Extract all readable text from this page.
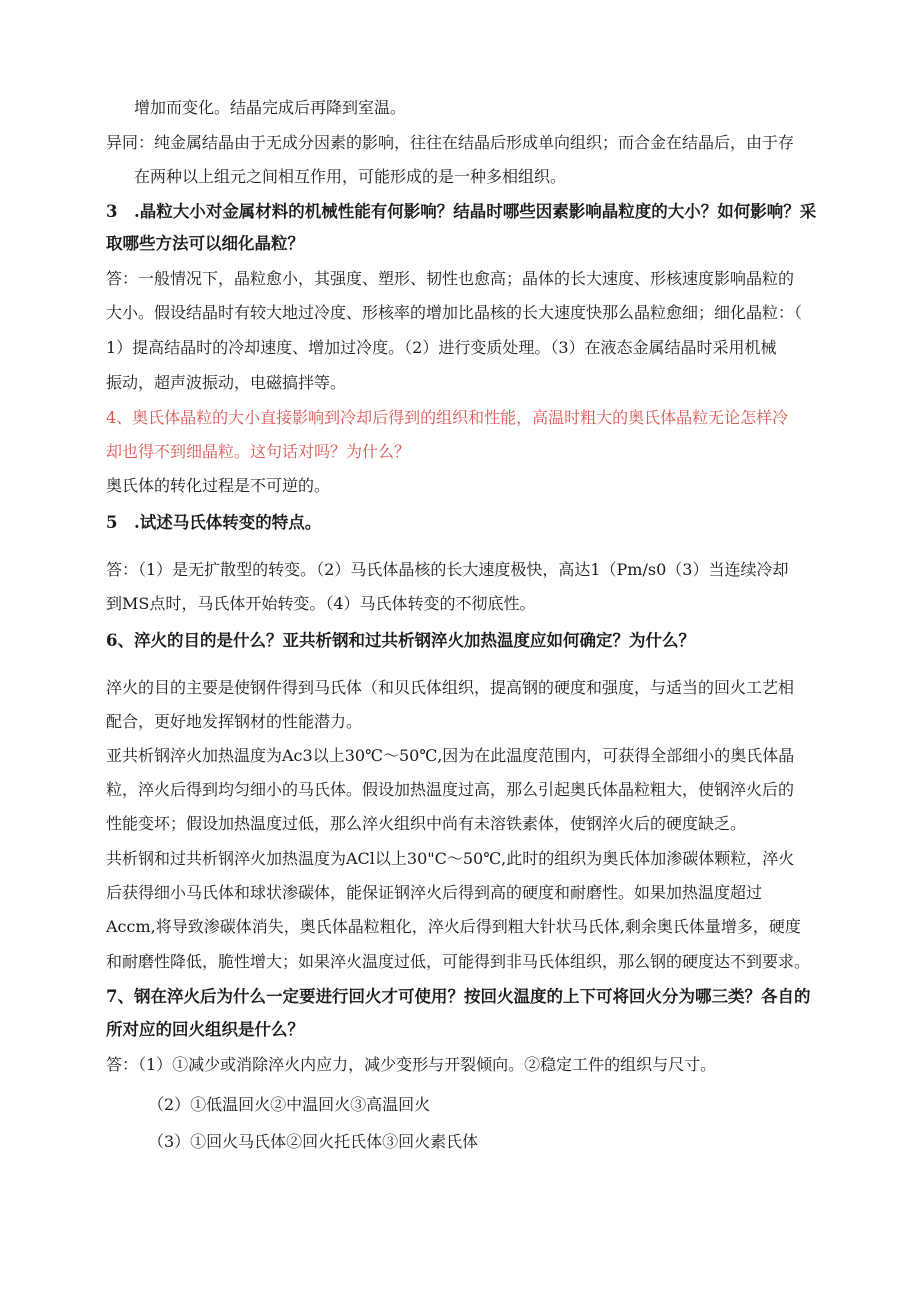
增加而变化。结晶完成后再降到室温。

异同：纯金属结晶由于无成分因素的影响，往往在结晶后形成单向组织；而合金在结晶后，由于存

在两种以上组元之间相互作用，可能形成的是一种多相组织。

3　.晶粒大小对金属材料的机械性能有何影响？结晶时哪些因素影响晶粒度的大小？如何影响？采

取哪些方法可以细化晶粒？

答：一般情况下，晶粒愈小，其强度、塑形、韧性也愈高；晶体的长大速度、形核速度影响晶粒的

大小。假设结晶时有较大地过冷度、形核率的增加比晶核的长大速度快那么晶粒愈细；细化晶粒：（

1）提高结晶时的冷却速度、增加过冷度。（2）进行变质处理。（3）在液态金属结晶时采用机械

振动，超声波振动，电磁搞拌等。

4、奥氏体晶粒的大小直接影响到冷却后得到的组织和性能，高温时粗大的奥氏体晶粒无论怎样冷

却也得不到细晶粒。这句话对吗？为什么？

奥氏体的转化过程是不可逆的。

5　.试述马氏体转变的特点。

答：（1）是无扩散型的转变。（2）马氏体晶核的长大速度极快，高达1（Pm/s0（3）当连续冷却

到MS点时，马氏体开始转变。（4）马氏体转变的不彻底性。

6、淬火的目的是什么？亚共析钢和过共析钢淬火加热温度应如何确定？为什么？

淬火的目的主要是使钢件得到马氏体（和贝氏体组织，提高钢的硬度和强度，与适当的回火工艺相

配合，更好地发挥钢材的性能潜力。

亚共析钢淬火加热温度为Ac3以上30℃～50℃,因为在此温度范围内，可获得全部细小的奥氏体晶

粒，淬火后得到均匀细小的马氏体。假设加热温度过高，那么引起奥氏体晶粒粗大，使钢淬火后的

性能变坏；假设加热温度过低，那么淬火组织中尚有未溶铁素体，使钢淬火后的硬度缺乏。

共析钢和过共析钢淬火加热温度为ACl以上30"C～50℃,此时的组织为奥氏体加渗碳体颗粒，淬火

后获得细小马氏体和球状渗碳体，能保证钢淬火后得到高的硬度和耐磨性。如果加热温度超过

Accm,将导致渗碳体消失，奥氏体晶粒粗化，淬火后得到粗大针状马氏体,剩余奥氏体量增多，硬度

和耐磨性降低，脆性增大；如果淬火温度过低，可能得到非马氏体组织，那么钢的硬度达不到要求。

7、钢在淬火后为什么一定要进行回火才可使用？按回火温度的上下可将回火分为哪三类？各自的

所对应的回火组织是什么？

答：（1）①减少或消除淬火内应力，减少变形与开裂倾向。②稳定工件的组织与尺寸。

（2）①低温回火②中温回火③高温回火

（3）①回火马氏体②回火托氏体③回火素氏体
